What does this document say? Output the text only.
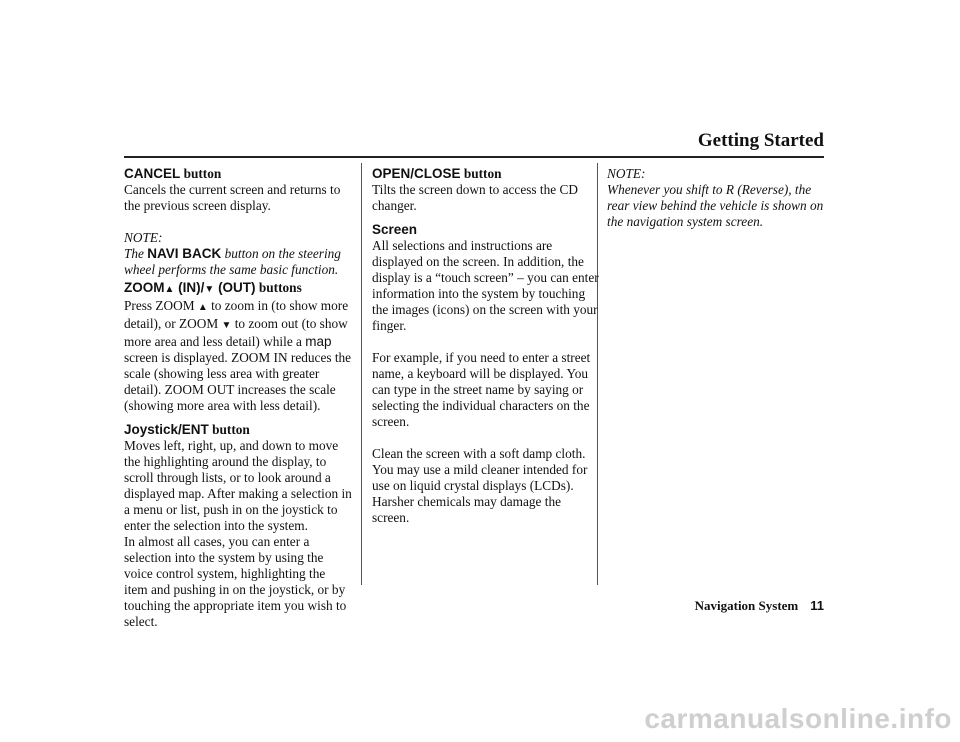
Getting Started
CANCEL button

Cancels the current screen and returns to the previous screen display.

NOTE:

The NAVI BACK button on the steering wheel performs the same basic function.

ZOOM▲ (IN)/▼ (OUT) buttons

Press ZOOM ▲ to zoom in (to show more detail), or ZOOM ▼ to zoom out (to show more area and less detail) while a map screen is displayed. ZOOM IN reduces the scale (showing less area with greater detail). ZOOM OUT increases the scale (showing more area with less detail).

Joystick/ENT button

Moves left, right, up, and down to move the highlighting around the display, to scroll through lists, or to look around a displayed map. After making a selection in a menu or list, push in on the joystick to enter the selection into the system.

In almost all cases, you can enter a selection into the system by using the voice control system, highlighting the item and pushing in on the joystick, or by touching the appropriate item you wish to select.

OPEN/CLOSE button

Tilts the screen down to access the CD changer.

Screen

All selections and instructions are displayed on the screen. In addition, the display is a “touch screen” – you can enter information into the system by touching the images (icons) on the screen with your finger.

For example, if you need to enter a street name, a keyboard will be displayed. You can type in the street name by saying or selecting the individual characters on the screen.

Clean the screen with a soft damp cloth. You may use a mild cleaner intended for use on liquid crystal displays (LCDs). Harsher chemicals may damage the screen.

NOTE:

Whenever you shift to R (Reverse), the rear view behind the vehicle is shown on the navigation system screen.

Navigation System 11
carmanualsonline.info
